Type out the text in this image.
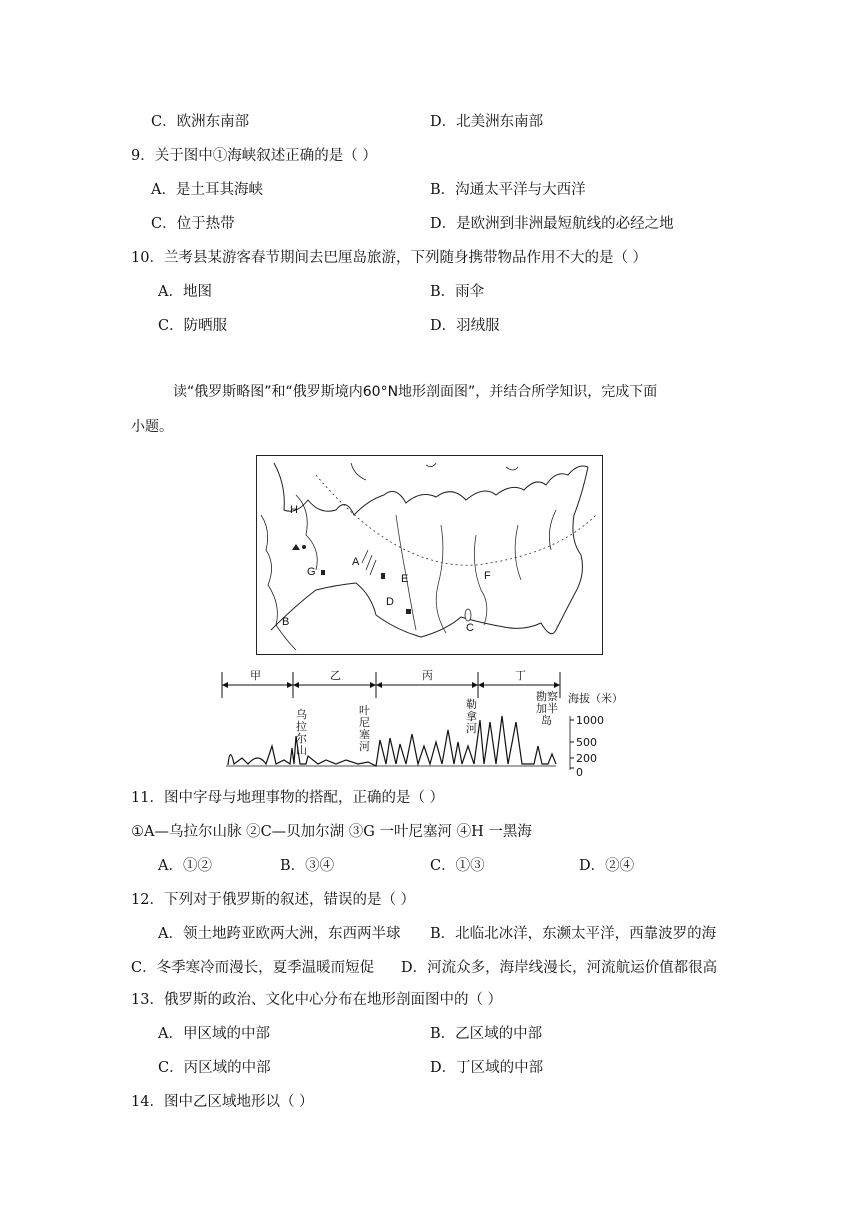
C．欧洲东南部	D．北美洲东南部
9．关于图中①海峡叙述正确的是（ ）
A．是土耳其海峡	B．沟通太平洋与大西洋
C．位于热带	D．是欧洲到非洲最短航线的必经之地
10．兰考县某游客春节期间去巴厘岛旅游，下列随身携带物品作用不大的是（ ）
A．地图	B．雨伞
C．防晒服	D．羽绒服
读“俄罗斯略图”和“俄罗斯境内60°N地形剖面图”，并结合所学知识，完成下面
小题。
A
B	C
D
E	F
G
H
甲	乙	丙	丁
乌
拉
尔
山
叶
尼
塞
河
勒
拿
河
勘察
加半
岛
海拔（米）
1000
500
200
0
11．图中字母与地理事物的搭配，正确的是（ ）
①A—乌拉尔山脉 ②C—贝加尔湖 ③G 一叶尼塞河 ④H 一黑海
A．①②	B．③④	C．①③	D．②④
12．下列对于俄罗斯的叙述，错误的是（ ）
A．领土地跨亚欧两大洲，东西两半球 B．北临北冰洋，东濒太平洋，西靠波罗的海
C．冬季寒冷而漫长，夏季温暖而短促 D．河流众多，海岸线漫长，河流航运价值都很高
13．俄罗斯的政治、文化中心分布在地形剖面图中的（ ）
A．甲区域的中部	B．乙区域的中部
C．丙区域的中部	D．丁区域的中部
14．图中乙区域地形以（ ）
